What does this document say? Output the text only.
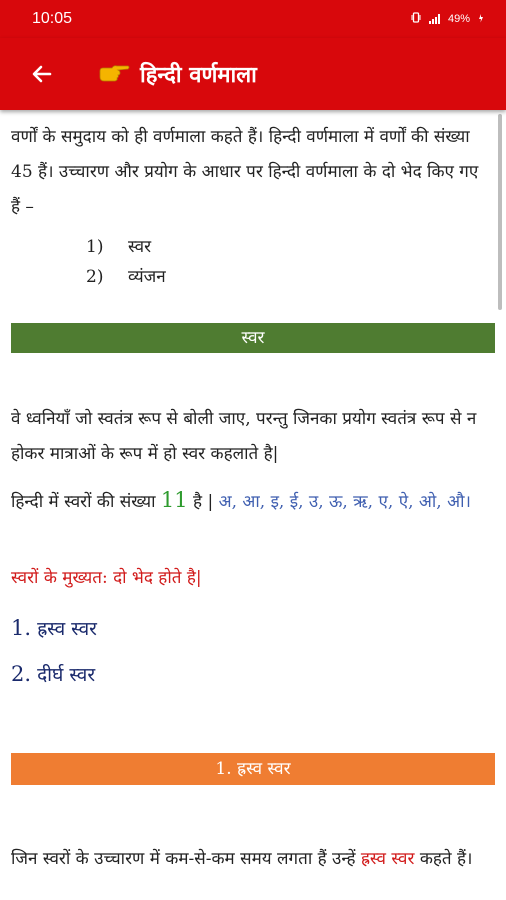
10:05	49%
हिन्दी वर्णमाला

वर्णों के समुदाय को ही वर्णमाला कहते हैं। हिन्दी वर्णमाला में वर्णों की संख्या 45 हैं। उच्चारण और प्रयोग के आधार पर हिन्दी वर्णमाला के दो भेद किए गए हैं –

1) स्वर
2) व्यंजन
स्वर

वे ध्वनियाँ जो स्वतंत्र रूप से बोली जाए, परन्तु जिनका प्रयोग स्वतंत्र रूप से न होकर मात्राओं के रूप में हो स्वर कहलाते है|

हिन्दी में स्वरों की संख्या 11 है | अ, आ, इ, ई, उ, ऊ, ऋ, ए, ऐ, ओ, औ।

स्वरों के मुख्यत: दो भेद होते है|

1. ह्रस्व स्वर
2. दीर्घ स्वर
1. ह्रस्व स्वर

जिन स्वरों के उच्चारण में कम-से-कम समय लगता हैं उन्हें ह्रस्व स्वर कहते हैं।
